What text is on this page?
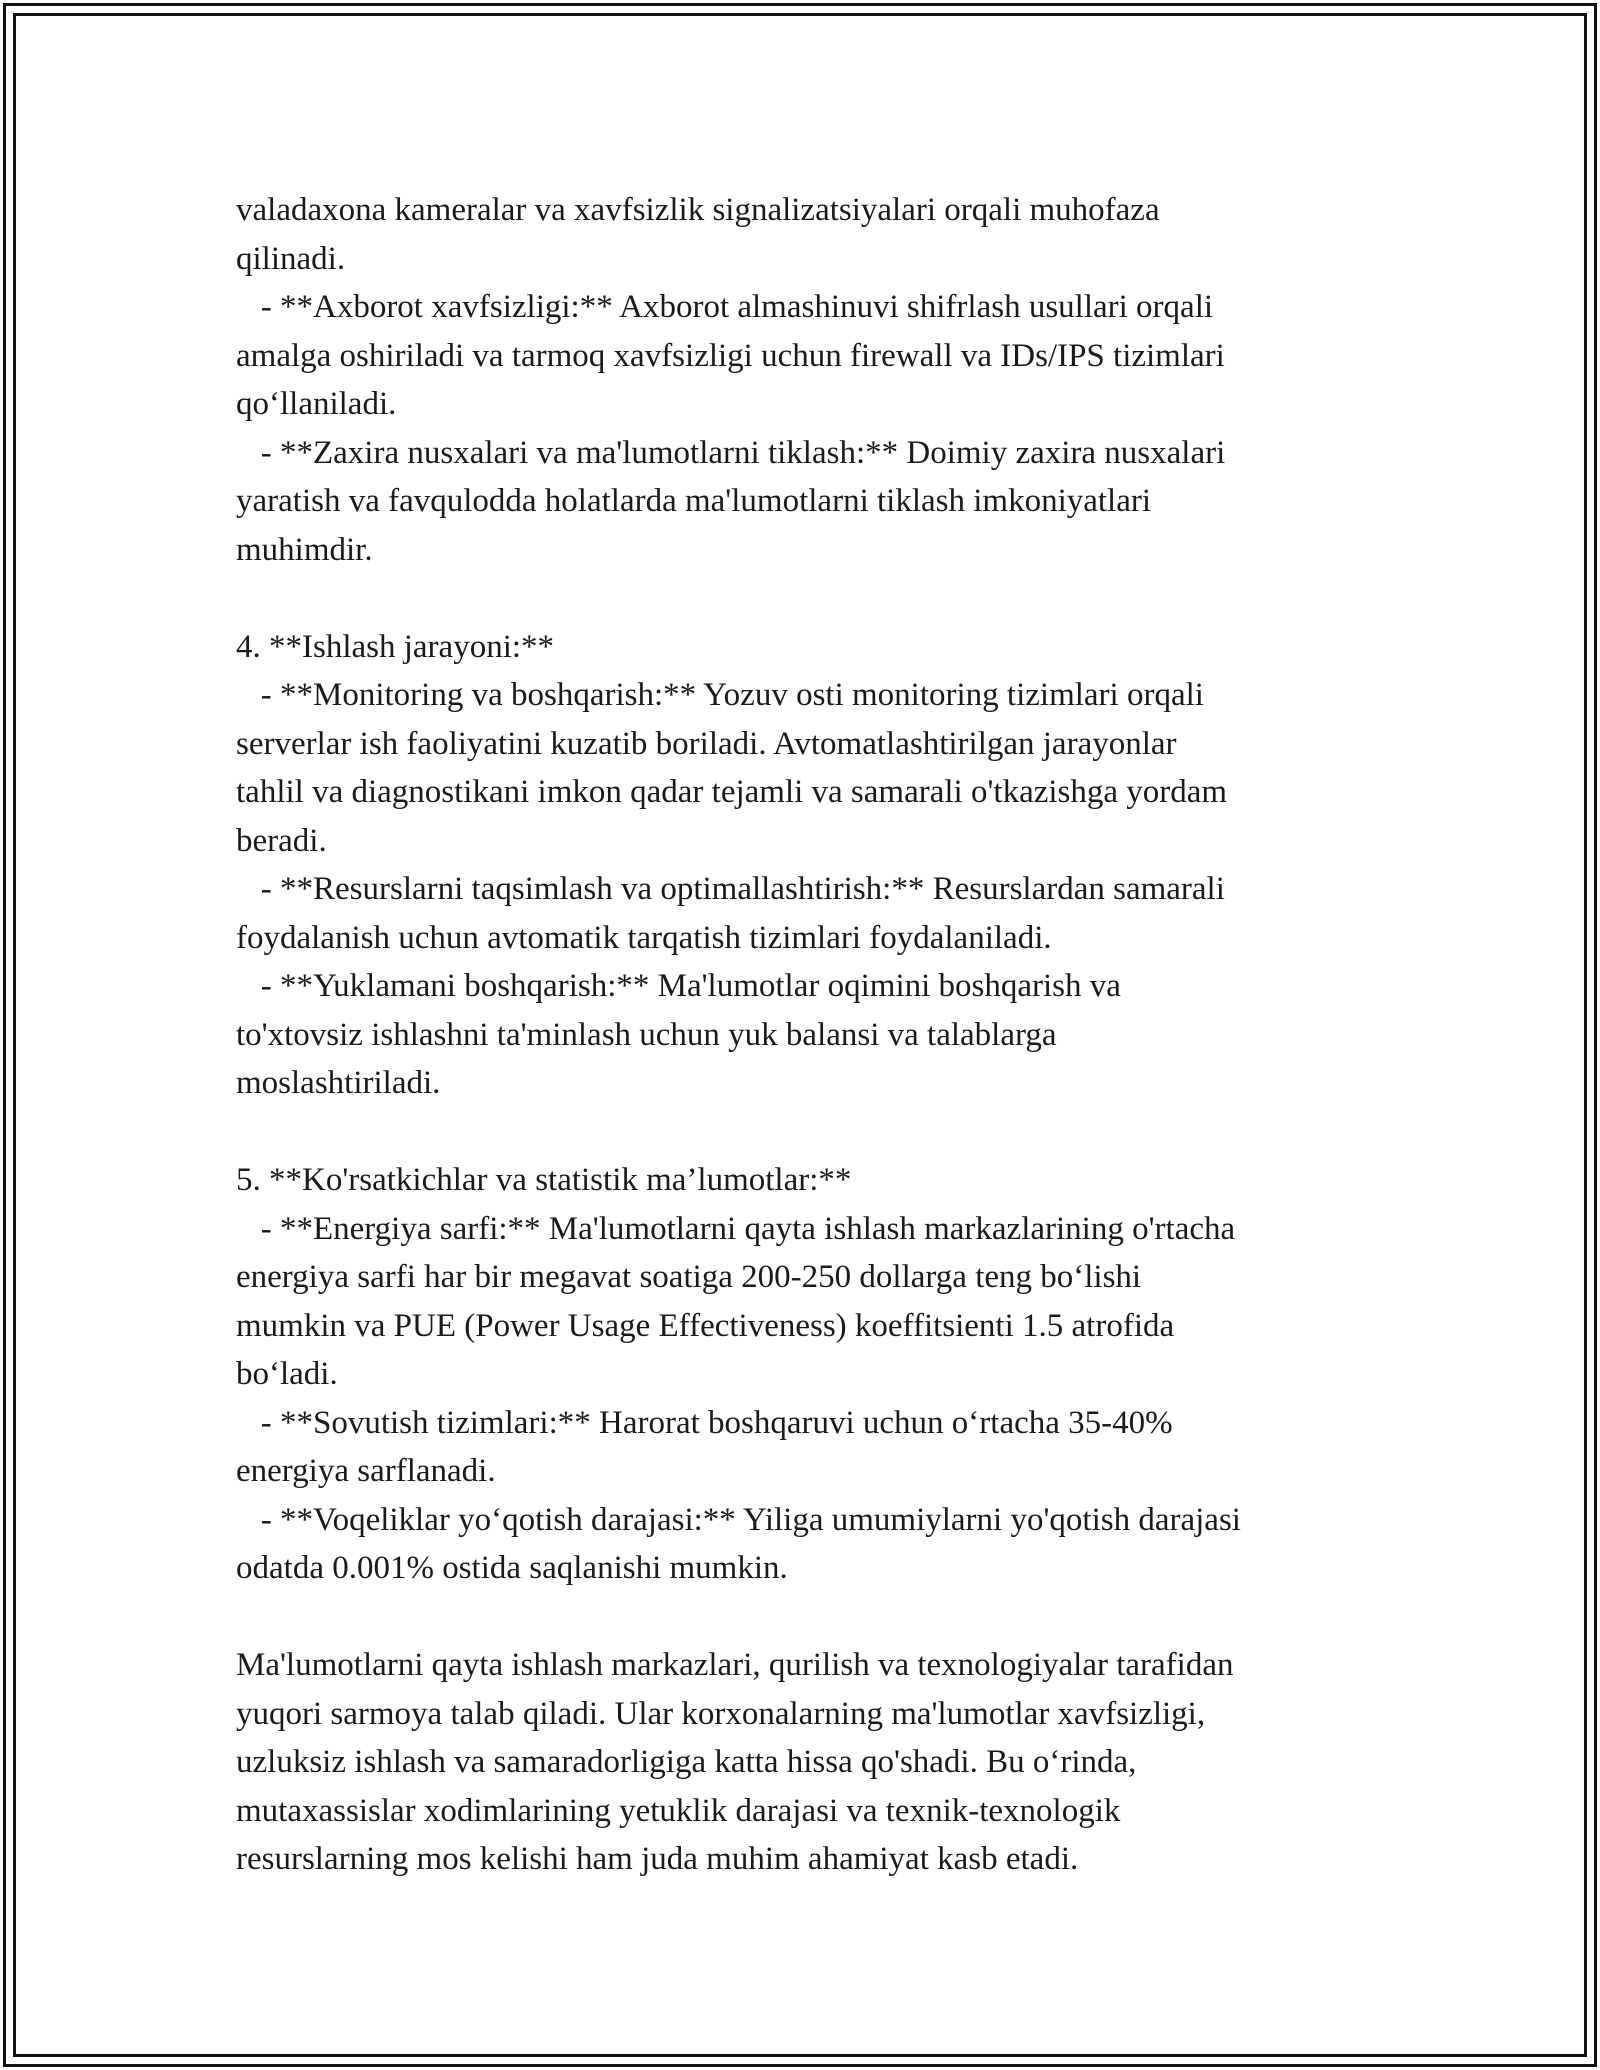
valadaxona kameralar va xavfsizlik signalizatsiyalari orqali muhofaza
qilinadi.
- **Axborot xavfsizligi:** Axborot almashinuvi shifrlash usullari orqali
amalga oshiriladi va tarmoq xavfsizligi uchun firewall va IDs/IPS tizimlari
qo‘llaniladi.
- **Zaxira nusxalari va ma'lumotlarni tiklash:** Doimiy zaxira nusxalari
yaratish va favqulodda holatlarda ma'lumotlarni tiklash imkoniyatlari
muhimdir.
4. **Ishlash jarayoni:**
- **Monitoring va boshqarish:** Yozuv osti monitoring tizimlari orqali
serverlar ish faoliyatini kuzatib boriladi. Avtomatlashtirilgan jarayonlar
tahlil va diagnostikani imkon qadar tejamli va samarali o'tkazishga yordam
beradi.
- **Resurslarni taqsimlash va optimallashtirish:** Resurslardan samarali
foydalanish uchun avtomatik tarqatish tizimlari foydalaniladi.
- **Yuklamani boshqarish:** Ma'lumotlar oqimini boshqarish va
to'xtovsiz ishlashni ta'minlash uchun yuk balansi va talablarga
moslashtiriladi.
5. **Ko'rsatkichlar va statistik ma’lumotlar:**
- **Energiya sarfi:** Ma'lumotlarni qayta ishlash markazlarining o'rtacha
energiya sarfi har bir megavat soatiga 200-250 dollarga teng bo‘lishi
mumkin va PUE (Power Usage Effectiveness) koeffitsienti 1.5 atrofida
bo‘ladi.
- **Sovutish tizimlari:** Harorat boshqaruvi uchun o‘rtacha 35-40%
energiya sarflanadi.
- **Voqeliklar yo‘qotish darajasi:** Yiliga umumiylarni yo'qotish darajasi
odatda 0.001% ostida saqlanishi mumkin.
Ma'lumotlarni qayta ishlash markazlari, qurilish va texnologiyalar tarafidan
yuqori sarmoya talab qiladi. Ular korxonalarning ma'lumotlar xavfsizligi,
uzluksiz ishlash va samaradorligiga katta hissa qo'shadi. Bu o‘rinda,
mutaxassislar xodimlarining yetuklik darajasi va texnik-texnologik
resurslarning mos kelishi ham juda muhim ahamiyat kasb etadi.
